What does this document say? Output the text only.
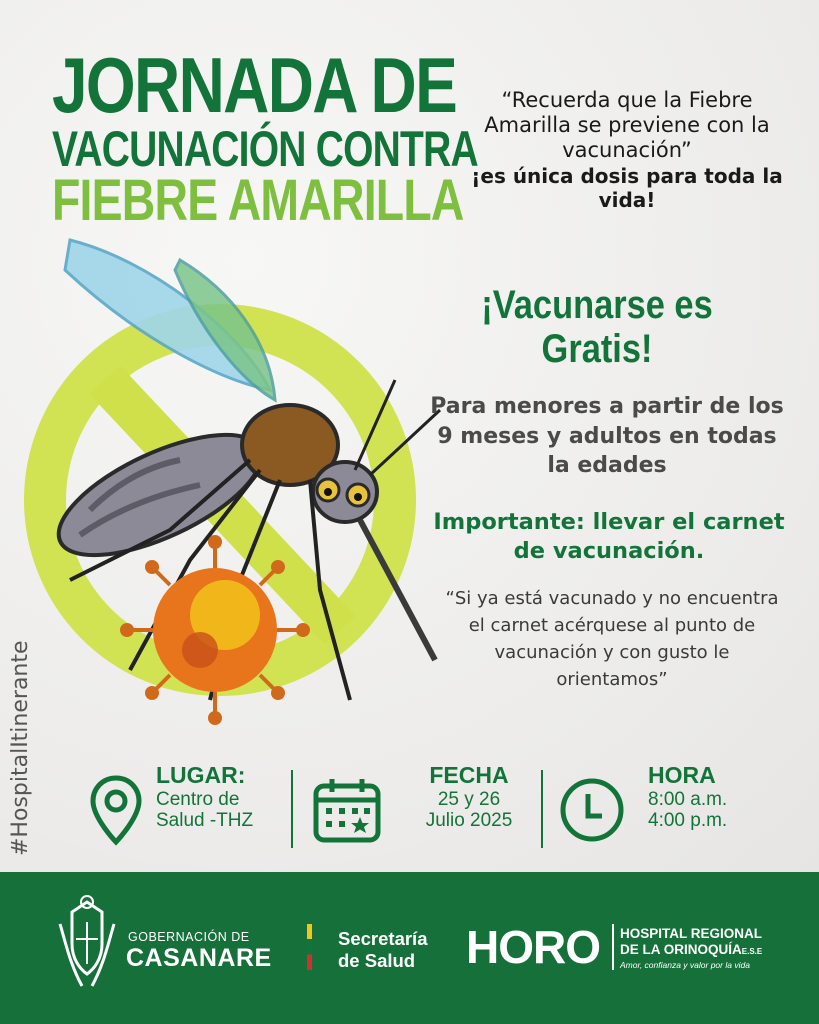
JORNADA DE
VACUNACIÓN CONTRA
FIEBRE AMARILLA
“Recuerda que la Fiebre Amarilla se previene con la vacunación”
¡es única dosis para toda la vida!
¡Vacunarse es Gratis!
Para menores a partir de los 9 meses y adultos en todas la edades
Importante: llevar el carnet de vacunación.
“Si ya está vacunado y no encuentra el carnet acérquese al punto de vacunación y con gusto le orientamos”
#HospitalItinerante	LUGAR:
Centro de
Salud -THZ
FECHA
25 y 26
Julio 2025
HORA
8:00 a.m.
4:00 p.m.
GOBERNACIÓN DE
CASANARE
Secretaría
de Salud HORO HOSPITAL REGIONAL
DE LA ORINOQUÍAE.S.E
Amor, confianza y valor por la vida
